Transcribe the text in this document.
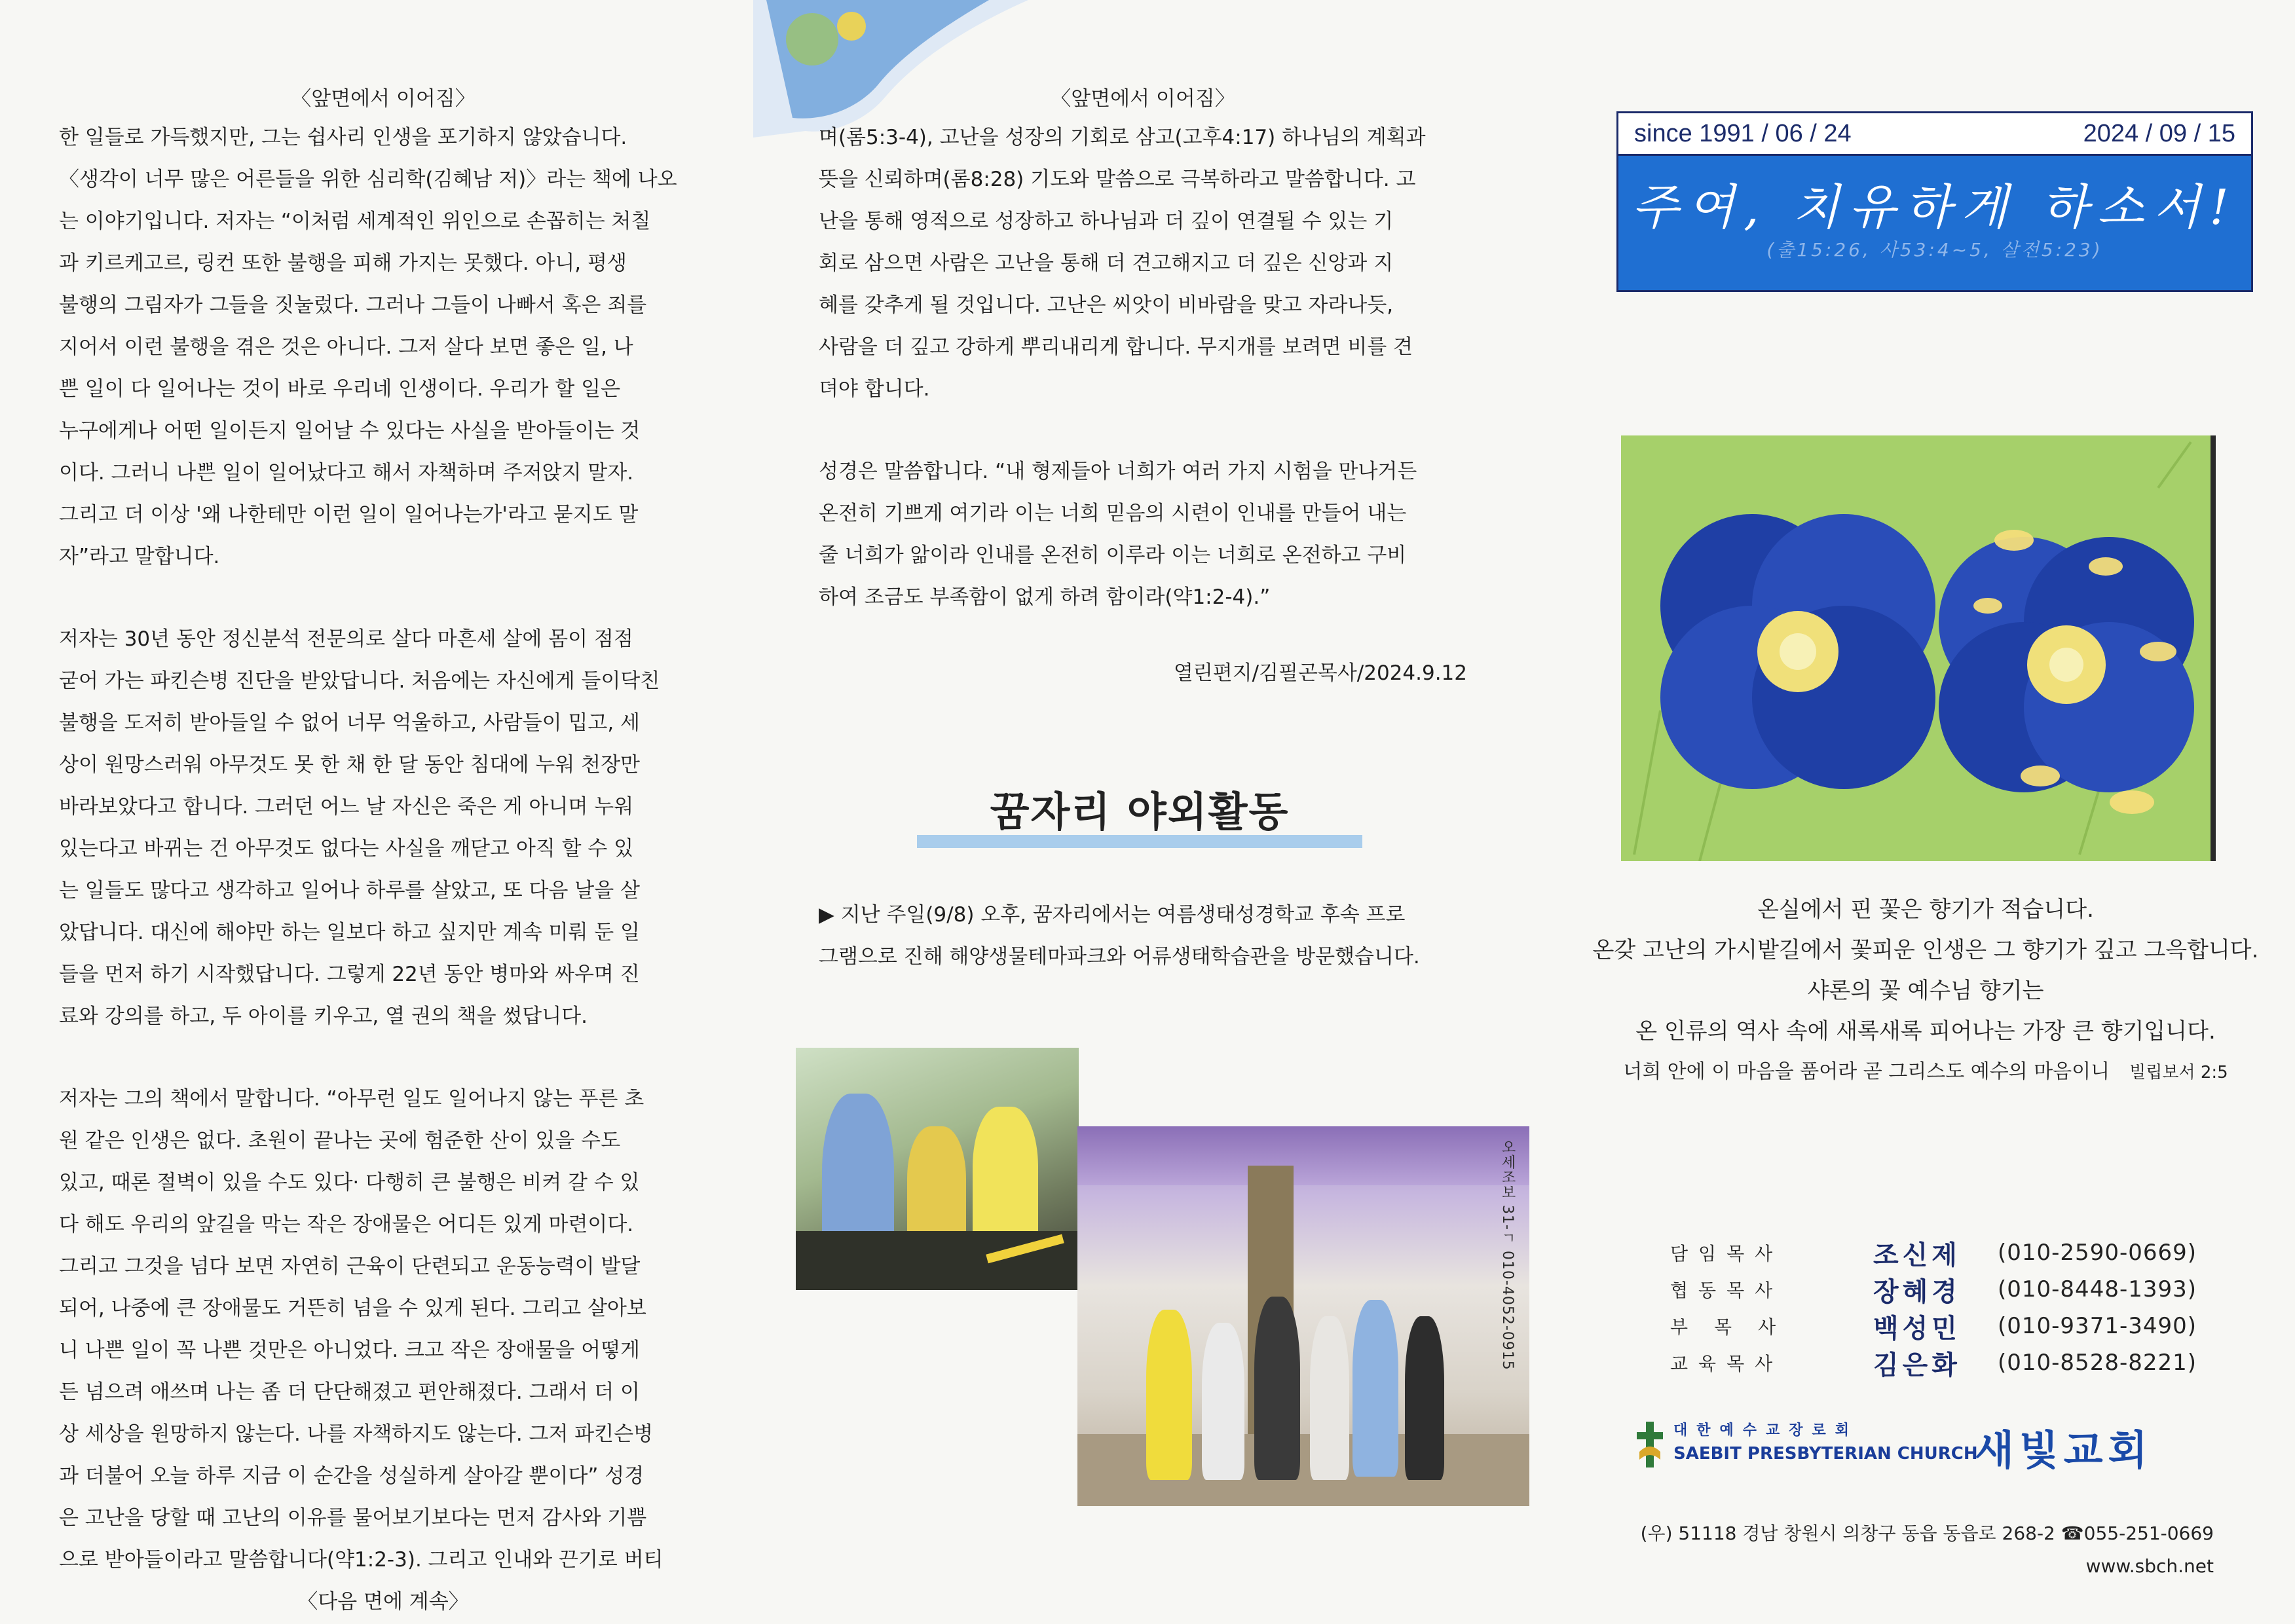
〈앞면에서 이어짐〉

한 일들로 가득했지만, 그는 쉽사리 인생을 포기하지 않았습니다.

〈생각이 너무 많은 어른들을 위한 심리학(김혜남 저)〉라는 책에 나오

는 이야기입니다. 저자는 “이처럼 세계적인 위인으로 손꼽히는 처칠

과 키르케고르, 링컨 또한 불행을 피해 가지는 못했다. 아니, 평생

불행의 그림자가 그들을 짓눌렀다. 그러나 그들이 나빠서 혹은 죄를

지어서 이런 불행을 겪은 것은 아니다. 그저 살다 보면 좋은 일, 나

쁜 일이 다 일어나는 것이 바로 우리네 인생이다. 우리가 할 일은

누구에게나 어떤 일이든지 일어날 수 있다는 사실을 받아들이는 것

이다. 그러니 나쁜 일이 일어났다고 해서 자책하며 주저앉지 말자.

그리고 더 이상 '왜 나한테만 이런 일이 일어나는가'라고 묻지도 말

자”라고 말합니다.

저자는 30년 동안 정신분석 전문의로 살다 마흔세 살에 몸이 점점

굳어 가는 파킨슨병 진단을 받았답니다. 처음에는 자신에게 들이닥친

불행을 도저히 받아들일 수 없어 너무 억울하고, 사람들이 밉고, 세

상이 원망스러워 아무것도 못 한 채 한 달 동안 침대에 누워 천장만

바라보았다고 합니다. 그러던 어느 날 자신은 죽은 게 아니며 누워

있는다고 바뀌는 건 아무것도 없다는 사실을 깨닫고 아직 할 수 있

는 일들도 많다고 생각하고 일어나 하루를 살았고, 또 다음 날을 살

았답니다. 대신에 해야만 하는 일보다 하고 싶지만 계속 미뤄 둔 일

들을 먼저 하기 시작했답니다. 그렇게 22년 동안 병마와 싸우며 진

료와 강의를 하고, 두 아이를 키우고, 열 권의 책을 썼답니다.

저자는 그의 책에서 말합니다. “아무런 일도 일어나지 않는 푸른 초

원 같은 인생은 없다. 초원이 끝나는 곳에 험준한 산이 있을 수도

있고, 때론 절벽이 있을 수도 있다· 다행히 큰 불행은 비켜 갈 수 있

다 해도 우리의 앞길을 막는 작은 장애물은 어디든 있게 마련이다.

그리고 그것을 넘다 보면 자연히 근육이 단련되고 운동능력이 발달

되어, 나중에 큰 장애물도 거뜬히 넘을 수 있게 된다. 그리고 살아보

니 나쁜 일이 꼭 나쁜 것만은 아니었다. 크고 작은 장애물을 어떻게

든 넘으려 애쓰며 나는 좀 더 단단해졌고 편안해졌다. 그래서 더 이

상 세상을 원망하지 않는다. 나를 자책하지도 않는다. 그저 파킨슨병

과 더불어 오늘 하루 지금 이 순간을 성실하게 살아갈 뿐이다” 성경

은 고난을 당할 때 고난의 이유를 물어보기보다는 먼저 감사와 기쁨

으로 받아들이라고 말씀합니다(약1:2-3). 그리고 인내와 끈기로 버티

〈다음 면에 계속〉

〈앞면에서 이어짐〉

며(롬5:3-4), 고난을 성장의 기회로 삼고(고후4:17) 하나님의 계획과

뜻을 신뢰하며(롬8:28) 기도와 말씀으로 극복하라고 말씀합니다. 고

난을 통해 영적으로 성장하고 하나님과 더 깊이 연결될 수 있는 기

회로 삼으면 사람은 고난을 통해 더 견고해지고 더 깊은 신앙과 지

혜를 갖추게 될 것입니다. 고난은 씨앗이 비바람을 맞고 자라나듯,

사람을 더 깊고 강하게 뿌리내리게 합니다. 무지개를 보려면 비를 견

뎌야 합니다.

성경은 말씀합니다. “내 형제들아 너희가 여러 가지 시험을 만나거든

온전히 기쁘게 여기라 이는 너희 믿음의 시련이 인내를 만들어 내는

줄 너희가 앎이라 인내를 온전히 이루라 이는 너희로 온전하고 구비

하여 조금도 부족함이 없게 하려 함이라(약1:2-4).”

열린편지/김필곤목사/2024.9.12
꿈자리 야외활동

▶ 지난 주일(9/8) 오후, 꿈자리에서는 여름생태성경학교 후속 프로

그램으로 진해 해양생물테마파크와 어류생태학습관을 방문했습니다.

오세조보 31-ㄱ 010-4052-0915
since 1991 / 06 / 24	2024 / 09 / 15
주여, 치유하게 하소서!
(출15:26, 사53:4~5, 살전5:23)

온실에서 핀 꽃은 향기가 적습니다.

온갖 고난의 가시밭길에서 꽃피운 인생은 그 향기가 깊고 그윽합니다.

샤론의 꽃 예수님 향기는

온 인류의 역사 속에 새록새록 피어나는 가장 큰 향기입니다.

너희 안에 이 마음을 품어라 곧 그리스도 예수의 마음이니 빌립보서 2:5

담임목사	조신제	(010-2590-0669)
협동목사	장혜경	(010-8448-1393)
부목사	백성민	(010-9371-3490)
교육목사	김은화	(010-8528-8221)
대한예수교장로회
SAEBIT PRESBYTERIAN CHURCH
새빛교회
(우) 51118 경남 창원시 의창구 동읍 동읍로 268-2 ☎055-251-0669
www.sbch.net
